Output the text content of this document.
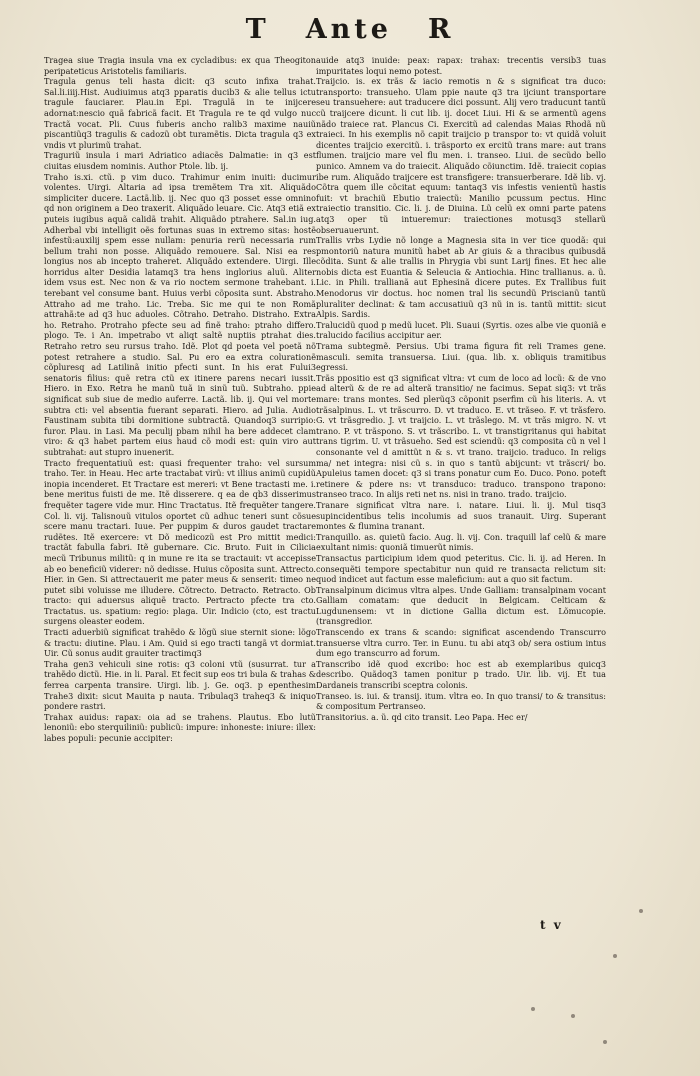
T Ante R

Tragea siue Tragia insula vna ex cycladibus: ex qua Theogiton peripateticus Aristotelis familiaris.

Tragula genus teli hasta dicit: q3 scuto infixa trahat. Sal.li.iiij.Hist. Audiuimus atq3 pparatis ducib3 & alie tellus ictu tragule fauciarer. Plau.in Epi. Tragulã in te inijcere adornat:nescio quã fabricã facit. Et Tragula re te qd vulgo nuc Tractã vocat. Pli. Cuus fuberis ancho ralib3 maxime nauiũ piscantiũq3 tragulis & cadozũ obt turamẽtis. Dicta tragula q3 ex vndis vt plurimũ trahat.

Traguriũ insula i mari Adriatico adiacẽs Dalmatie: in q3 est ciuitas eiusdem nominis. Author Ptole. lib. ij.

Traho is.xi. ctũ. p vim duco. Trahimur enim inuiti: ducimur volentes. Uirgi. Altaria ad ipsa tremẽtem Tra xit. Aliquãdo simpliciter ducere. Lactã.lib. ij. Nec quo q3 posset esse omnino qd non originem a Deo traxerit. Aliquãdo leuare. Cic. Atq3 etiã ex puteis iugibus aquã calidã trahit. Aliquãdo ptrahere. Sal.in iug. Adherbal vbi intelligit oẽs fortunas suas in extremo sitas: hostẽ infestũ:auxilij spem esse nullam: penuria rerũ necessaria rum bellum trahi non posse. Aliquãdo remouere. Sal. Nisi ea res longius nos ab incepto traheret. Aliquãdo extendere. Uirgi. Ille horridus alter Desidia latamq3 tra hens inglorius aluũ. Aliter idem vsus est. Nec non & va rio noctem sermone trahebant. i. terebant vel consume bant. Huius verbi cõposita sunt. Abstraho. Attraho ad me traho. Lic. Treba. Sic me qui te non Romã attrahã:te ad q3 huc aduoles. Cõtraho. Detraho. Distraho. Extra ho. Retraho. Protraho pfecte seu ad finẽ traho: ptraho differo. plogo. Te. i An. impetrabo vt aliqt saltẽ nuptiis ptrahat dies. Retraho retro seu rursus traho. Idẽ. Plot qd poeta vel poetã nõ potest retrahere a studio. Sal. Pu ero ea extra colurationẽ cõpluresq ad Latilinã initio pfecti sunt. In his erat Fului3 senatoris filius: quẽ retra ctũ ex itinere parens necari iussit. Hiero. in Exo. Retra he manũ tuã in sinũ tuũ. Subtraho. ppie significat sub siue de medio auferre. Lactã. lib. ij. Qui vel morte subtra cti: vel absentia fuerant separati. Hiero. ad Julia. Audio Faustinam subita tibi dormitione subtractã. Quandoq3 surripio: furor. Plau. in Lasi. Ma peculij pbam nihil ha bere addecet clam viro: & q3 habet partem eius haud cõ modi est: quin viro aut subtrahat: aut stupro inuenerit.

Tracto frequentatiuũ est: quasi frequenter traho: vel sursum traho. Ter. in Heau. Hec arte tractabat virũ: vt illius animũ cupidũ inopia incenderet. Et Tractare est mereri: vt Bene tractasti me. i. bene meritus fuisti de me. Itẽ disserere. q ea de qb3 disserimus frequẽter tagere vide mur. Hinc Tractatus. Itẽ frequẽter tangere. Col. li. vij. Talisnouũ vitulos oportet cũ adhuc teneri sunt cõsue scere manu tractari. Iuue. Per puppim & duros gaudet tractare rudẽtes. Itẽ exercere: vt Dõ medicozũ est Pro mittit medici: tractãt fabulla fabri. Itẽ gubernare. Cic. Bruto. Fuit in Cilicia mecũ Tribunus militũ: q in mune re ita se tractauit: vt accepisse ab eo beneficiũ viderer: nõ dedisse. Huius cõposita sunt. Attrecto. Hier. in Gen. Si attrectauerit me pater meus & senserit: timeo ne putet sibi voluisse me illudere. Cõtrecto. Detracto. Retracto. Ob tracto: qui aduersus aliquẽ tracto. Pertracto pfecte tra cto. Tractatus. us. spatium: regio: plaga. Uir. Indicio (cto, est tractu surgens oleaster eodem.

Tracti aduerbiũ significat trahẽdo & lõgũ siue sternit sione: lõgo & tractu: diutine. Plau. i Am. Quid si ego tracti tangã vt dormiat. Uir. Cũ sonus audit grauiter tractimq3

Traha gen3 vehiculi sine rotis: q3 coloni vtũ (susurrat. tur a trahẽdo dictũ. Hie. in li. Paral. Et fecit sup eos tri bula & trahas & ferrea carpenta transire. Uirgi. lib. j. Ge. oq3. p epenthesim Trahe3 dixit: sicut Mauita p nauta. Tribulaq3 traheq3 & iniquo pondere rastri.

Trahax auidus: rapax: oia ad se trahens. Plautus. Ebo lutũ lenoniũ: ebo sterquiliniũ: publicũ: impure: inhoneste: iniure: illex: labes populi: pecunie accipiter:

auide atq3 inuide: peax: rapax: trahax: trecentis versib3 tuas impuritates loqui nemo potest.

Traijcio. is. ex trãs & iacio remotis n & s significat tra duco: transporto: transueho. Ulam ppie naute q3 tra ijciunt transportare seu transuehere: aut traducere dici possunt. Alij vero traducunt tantũ cũ traijcere dicunt. li cut lib. ij. docet Liui. Hi & se armentũ agens nãdo traiece rat. Plancus Ci. Exercitũ ad calendas Maias Rhodã nũ traieci. In his exemplis nõ capit traijcio p transpor to: vt quidã voluit dicentes traijcio exercitũ. i. trãsporto ex ercitũ trans mare: aut trans flumen. traijcio mare vel flu men. i. transeo. Liui. de secũdo bello punico. Amnem va do traiecit. Aliquãdo cõiunctim. Idẽ. traiecit copias ibe rum. Aliquãdo traijcere est transfigere: transuerberare. Idẽ lib. vj. Cõtra quem ille cõcitat equum: tantaq3 vis infestis venientũ hastis fuit: vt brachiũ Ebutio traiectũ: Manilio pcussum pectus. Hinc traiectio transitio. Cic. li. j. de Diuina. Lũ celũ ex omni parte patens atq3 oper tũ intueremur: traiectiones motusq3 stellarũ obseruauerunt.

Trallis vrbs Lydie nõ longe a Magnesia sita in ver tice quodã: qui pmontoriũ natura munitũ habet ab Ar giuis & a thracibus quibusdã cõdita. Sunt & alie trallis in Phrygia vbi sunt Larij fines. Et hec alie nobis dicta est Euantia & Seleucia & Antiochia. Hinc trallianus. a. ũ. Lic. in Phili. trallianã aut Ephesinã dicere putes. Ex Trallibus fuit Menodorus vir doctus. hoc nomen tral lis secundũ Priscianũ tantũ pluraliter declinat: & tam accusatiuũ q3 nũ in is. tantũ mittit: sicut Alpis. Sardis.

Tralucidũ quod p medũ lucet. Pli. Suaui (Syrtis. ozes albe vie quoniã e tralucido facilius accipitur aer.

Trama subtegmẽ. Persius. Ubi trama figura fit reli Trames gene. masculi. semita transuersa. Liui. (qua. lib. x. obliquis tramitibus egressi.

Trãs ppositio est q3 significat vltra: vt cum de loco ad locũ: & de vno ad alterũ & de re ad alterã transitio/ ne facimus. Sepat siq3: vt trãs mare: trans montes. Sed plerũq3 cõponit pserfim cũ his literis. A. vt trãsalpinus. L. vt trãscurro. D. vt traduco. E. vt trãseo. F. vt trãsfero. G. vt trãsgredio. J. vt traijcio. L. vt trãslego. M. vt trãs migro. N. vt trano. P. vt trãspono. S. vt trãscribo. L. vt transtigritanus qui habitat trans tigrim. U. vt trãsueho. Sed est sciendũ: q3 composita cũ n vel l consonante vel d amittũt n & s. vt trano. traijcio. traduco. In religs ma/ net integra: nisi cũ s. in quo s tantũ abijcunt: vt trãscri/ bo. Apuleius tamen docet: q3 si trans ponatur cum Eo. Duco. Pono. poteft retinere & pdere ns: vt transduco: traduco. transpono trapono: transeo traco. In alijs reti net ns. nisi in trano. trado. traijcio.

Tranare significat vltra nare. i. natare. Liui. li. ij. Mul tisq3 supincidentibus telis incolumis ad suos tranauit. Uirg. Superant montes & flumina tranant.

Tranquillo. as. quietũ facio. Aug. li. vij. Con. traquill laf celũ & mare exultant nimis: quoniã timuerũt nimis.

Transactus participium idem quod peteritus. Cic. li. ij. ad Heren. In consequẽti tempore spectabitur nun quid re transacta relictum sit: quod indicet aut factum esse maleficium: aut a quo sit factum.

Transalpinum dicimus vltra alpes. Unde Galliam: transalpinam vocant Galliam comatam: que deducit in Belgicam. Celticam & Lugdunensem: vt in dictione Gallia dictum est. Lõmucopie. (transgredior.

Transcendo ex trans & scando: significat ascendendo Transcurro transuerse vltra curro. Ter. in Eunu. tu abi atq3 ob/ sera ostium intus dum ego transcurro ad forum.

Transcribo idẽ quod excribo: hoc est ab exemplaribus quicq3 describo. Quãdoq3 tamen ponitur p trado. Uir. lib. vij. Et tua Dardaneis transcribi sceptra colonis.

Transeo. is. iui. & transij. itum. vltra eo. In quo transi/ to & transitus: & compositum Pertranseo.

Transitorius. a. ũ. qd cito transit. Leo Papa. Hec er/

t v
